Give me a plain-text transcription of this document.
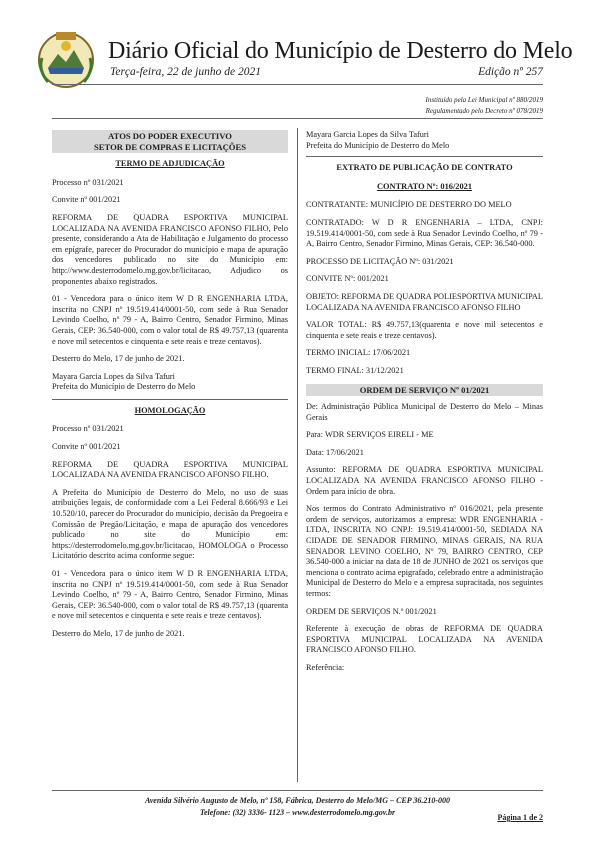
Diário Oficial do Município de Desterro do Melo
Terça-feira, 22 de junho de 2021	Edição nº 257
Instituído pela Lei Municipal nº 880/2019
Regulamentado pelo Decreto nº 078/2019
ATOS DO PODER EXECUTIVO
SETOR DE COMPRAS E LICITAÇÕES
TERMO DE ADJUDICAÇÃO

Processo nº 031/2021

Convite nº 001/2021

REFORMA DE QUADRA ESPORTIVA MUNICIPAL LOCALIZADA NA AVENIDA FRANCISCO AFONSO FILHO, Pelo presente, considerando a Ata de Habilitação e Julgamento do processo em epígrafe, parecer do Procurador do município e mapa de apuração dos vencedores publicado no site do Município em: http://www.desterrodomelo.mg.gov.br/licitacao, Adjudico os proponentes abaixo registrados.

01 - Vencedora para o único item W D R ENGENHARIA LTDA, inscrita no CNPJ nº 19.519.414/0001-50, com sede à Rua Senador Levindo Coelho, nº 79 - A, Bairro Centro, Senador Firmino, Minas Gerais, CEP: 36.540-000, com o valor total de R$ 49.757,13 (quarenta e nove mil setecentos e cinquenta e sete reais e treze centavos).

Desterro do Melo, 17 de junho de 2021.

Mayara Garcia Lopes da Silva Tafuri

Prefeita do Município de Desterro do Melo

HOMOLOGAÇÃO

Processo nº 031/2021

Convite nº 001/2021

REFORMA DE QUADRA ESPORTIVA MUNICIPAL LOCALIZADA NA AVENIDA FRANCISCO AFONSO FILHO.

A Prefeita do Município de Desterro do Melo, no uso de suas atribuições legais, de conformidade com a Lei Federal 8.666/93 e Lei 10.520/10, parecer do Procurador do município, decisão da Pregoeira e Comissão de Pregão/Licitação, e mapa de apuração dos vencedores publicado no site do Município em: https://desterrodomelo.mg.gov.br/licitacao, HOMOLOGA o Processo Licitatório descrito acima conforme segue:

01 - Vencedora para o único item W D R ENGENHARIA LTDA, inscrita no CNPJ nº 19.519.414/0001-50, com sede à Rua Senador Levindo Coelho, nº 79 - A, Bairro Centro, Senador Firmino, Minas Gerais, CEP: 36.540-000, com o valor total de R$ 49.757,13 (quarenta e nove mil setecentos e cinquenta e sete reais e treze centavos).

Desterro do Melo, 17 de junho de 2021.

Mayara Garcia Lopes da Silva Tafuri

Prefeita do Município de Desterro do Melo

EXTRATO DE PUBLICAÇÃO DE CONTRATO
CONTRATO Nº: 016/2021

CONTRATANTE: MUNICÍPIO DE DESTERRO DO MELO

CONTRATADO: W D R ENGENHARIA – LTDA, CNPJ: 19.519.414/0001-50, com sede à Rua Senador Levindo Coelho, nº 79 - A, Bairro Centro, Senador Firmino, Minas Gerais, CEP: 36.540-000.

PROCESSO DE LICITAÇÃO Nº: 031/2021

CONVITE Nº: 001/2021

OBJETO: REFORMA DE QUADRA POLIESPORTIVA MUNICIPAL LOCALIZADA NA AVENIDA FRANCISCO AFONSO FILHO

VALOR TOTAL: R$ 49.757,13(quarenta e nove mil setecentos e cinquenta e sete reais e treze centavos).

TERMO INICIAL: 17/06/2021

TERMO FINAL: 31/12/2021

ORDEM DE SERVIÇO Nº 01/2021

De: Administração Pública Municipal de Desterro do Melo – Minas Gerais

Para: WDR SERVIÇOS EIRELI - ME

Data: 17/06/2021

Assunto: REFORMA DE QUADRA ESPORTIVA MUNICIPAL LOCALIZADA NA AVENIDA FRANCISCO AFONSO FILHO - Ordem para início de obra.

Nos termos do Contrato Administrativo nº 016/2021, pela presente ordem de serviços, autorizamos a empresa: WDR ENGENHARIA - LTDA, INSCRITA NO CNPJ: 19.519.414/0001-50, SEDIADA NA CIDADE DE SENADOR FIRMINO, MINAS GERAIS, NA RUA SENADOR LEVINO COELHO, Nº 79, BAIRRO CENTRO, CEP 36.540-000 a iniciar na data de 18 de JUNHO de 2021 os serviços que menciona o contrato acima epigrafado, celebrado entre a administração Municipal de Desterro do Melo e a empresa supracitada, nos seguintes termos:

ORDEM DE SERVIÇOS N.º 001/2021

Referente à execução de obras de REFORMA DE QUADRA ESPORTIVA MUNICIPAL LOCALIZADA NA AVENIDA FRANCISCO AFONSO FILHO.

Referência:

Avenida Silvério Augusto de Melo, nº 158, Fábrica, Desterro do Melo/MG – CEP 36.210-000
Telefone: (32) 3336- 1123 – www.desterrodomelo.mg.gov.br
Página 1 de 2
